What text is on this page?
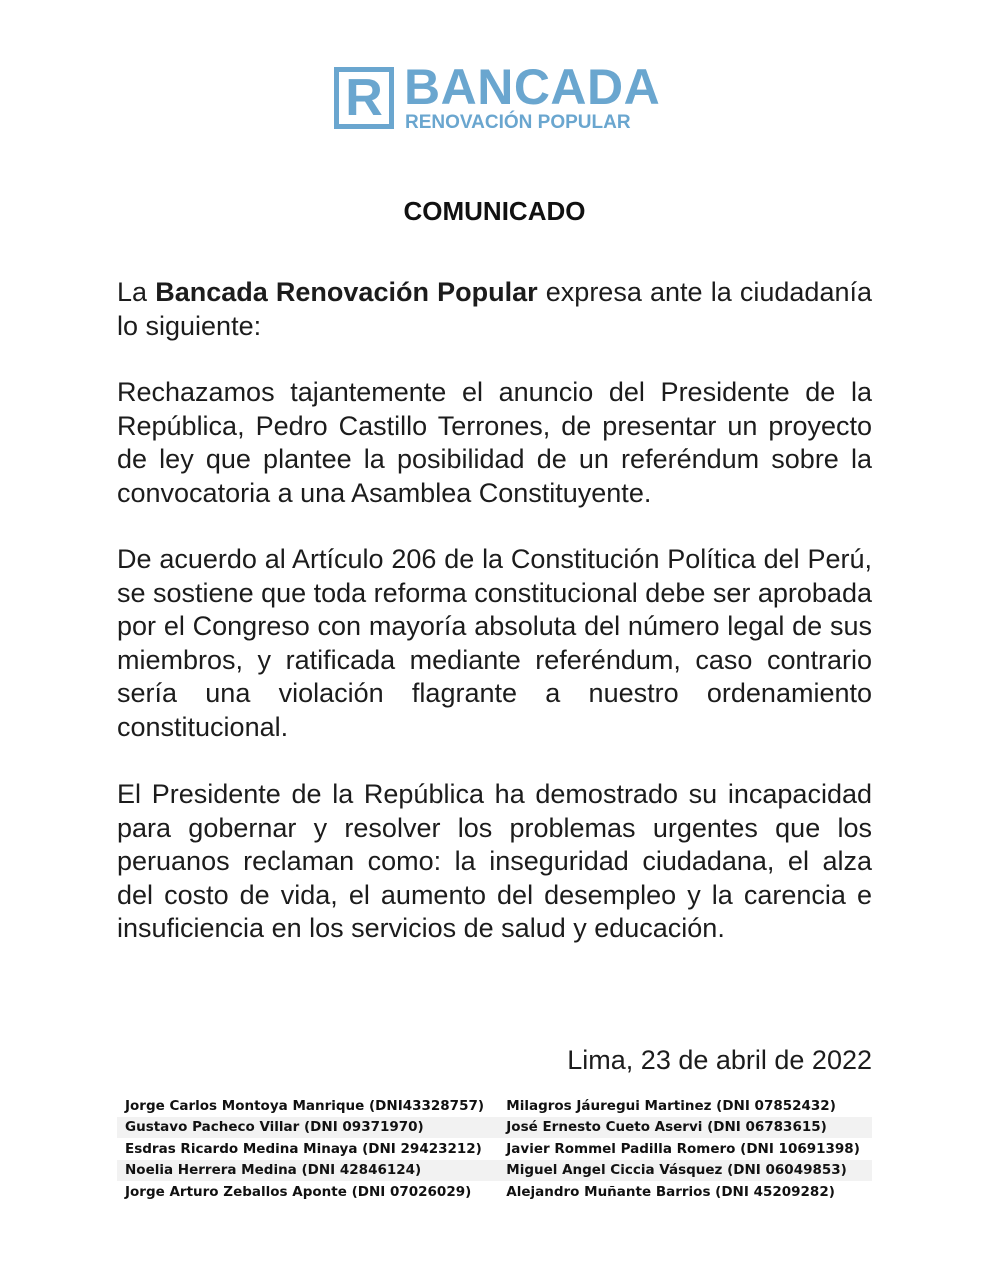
R BANCADA
RENOVACIÓN POPULAR
COMUNICADO

La Bancada Renovación Popular expresa ante la ciudadanía lo siguiente:

Rechazamos tajantemente el anuncio del Presidente de la República, Pedro Castillo Terrones, de presentar un proyecto de ley que plantee la posibilidad de un referéndum sobre la convocatoria a una Asamblea Constituyente.

De acuerdo al Artículo 206 de la Constitución Política del Perú, se sostiene que toda reforma constitucional debe ser aprobada por el Congreso con mayoría absoluta del número legal de sus miembros, y ratificada mediante referéndum, caso contrario sería una violación flagrante a nuestro ordenamiento constitucional.

El Presidente de la República ha demostrado su incapacidad para gobernar y resolver los problemas urgentes que los peruanos reclaman como: la inseguridad ciudadana, el alza del costo de vida, el aumento del desempleo y la carencia e insuficiencia en los servicios de salud y educación.

Lima, 23 de abril de 2022
Jorge Carlos Montoya Manrique (DNI43328757)	Milagros Jáuregui Martinez (DNI 07852432)
Gustavo Pacheco Villar (DNI 09371970)	José Ernesto Cueto Aservi (DNI 06783615)
Esdras Ricardo Medina Minaya (DNI 29423212)	Javier Rommel Padilla Romero (DNI 10691398)
Noelia Herrera Medina (DNI 42846124)	Miguel Angel Ciccia Vásquez (DNI 06049853)
Jorge Arturo Zeballos Aponte (DNI 07026029)	Alejandro Muñante Barrios (DNI 45209282)
